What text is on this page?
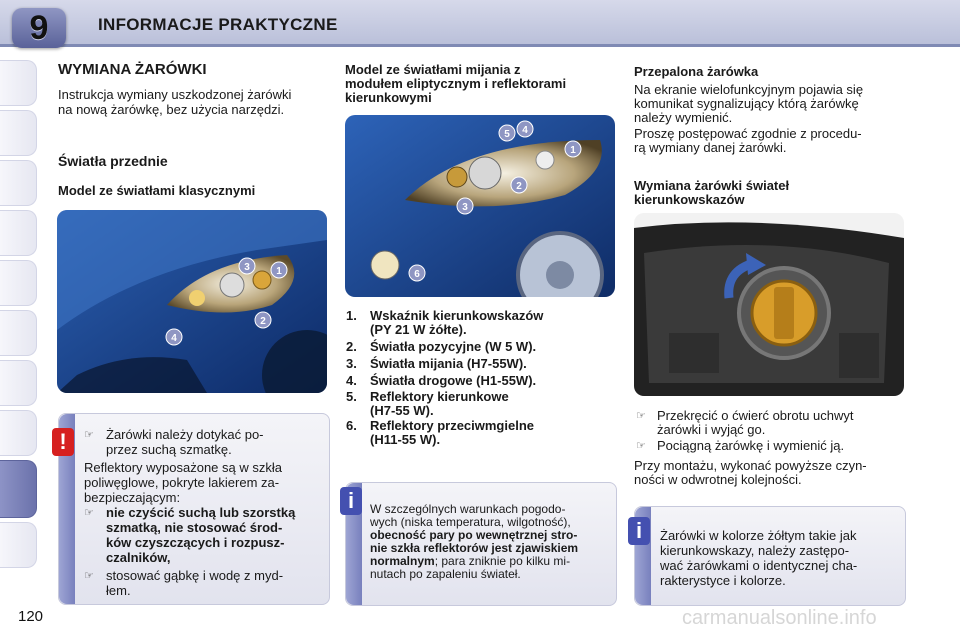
9	INFORMACJE PRAKTYCZNE
120
WYMIANA ŻARÓWKI
Instrukcja wymiany uszkodzonej żarówki
na nową żarówkę, bez użycia narzędzi.
Światła przednie
Model ze światłami klasycznymi
3	1
2
4
!	☞ Żarówki należy dotykać po-
przez suchą szmatkę.
Reflektory wyposażone są w szkła
poliwęglowe, pokryte lakierem za-
bezpieczającym:
☞ nie czyścić suchą lub szorstką
szmatką, nie stosować środ-
ków czyszczących i rozpusz-
czalników,
☞ stosować gąbkę i wodę z myd-
łem.
Model ze światłami mijania z
modułem eliptycznym i reflektorami
kierunkowymi
5 4
1
2
3
6
1. Wskaźnik kierunkowskazów
(PY 21 W żółte).
2. Światła pozycyjne (W 5 W).
3. Światła mijania (H7-55W).
4. Światła drogowe (H1-55W).
5. Reflektory kierunkowe
(H7-55 W).
6. Reflektory przeciwmgielne
(H11-55 W).
i	W szczególnych warunkach pogodo-
wych (niska temperatura, wilgotność),
obecność pary po wewnętrznej stro-
nie szkła reflektorów jest zjawiskiem
normalnym; para zniknie po kilku mi-
nutach po zapaleniu świateł.
Przepalona żarówka
Na ekranie wielofunkcyjnym pojawia się
komunikat sygnalizujący którą żarówkę
należy wymienić.
Proszę postępować zgodnie z procedu-
rą wymiany danej żarówki.
Wymiana żarówki świateł
kierunkowskazów
☞ Przekręcić o ćwierć obrotu uchwyt
żarówki i wyjąć go.
☞ Pociągną żarówkę i wymienić ją.
Przy montażu, wykonać powyższe czyn-
ności w odwrotnej kolejności.
i	Żarówki w kolorze żółtym takie jak
kierunkowskazy, należy zastępo-
wać żarówkami o identycznej cha-
rakterystyce i kolorze.
carmanualsonline.info
